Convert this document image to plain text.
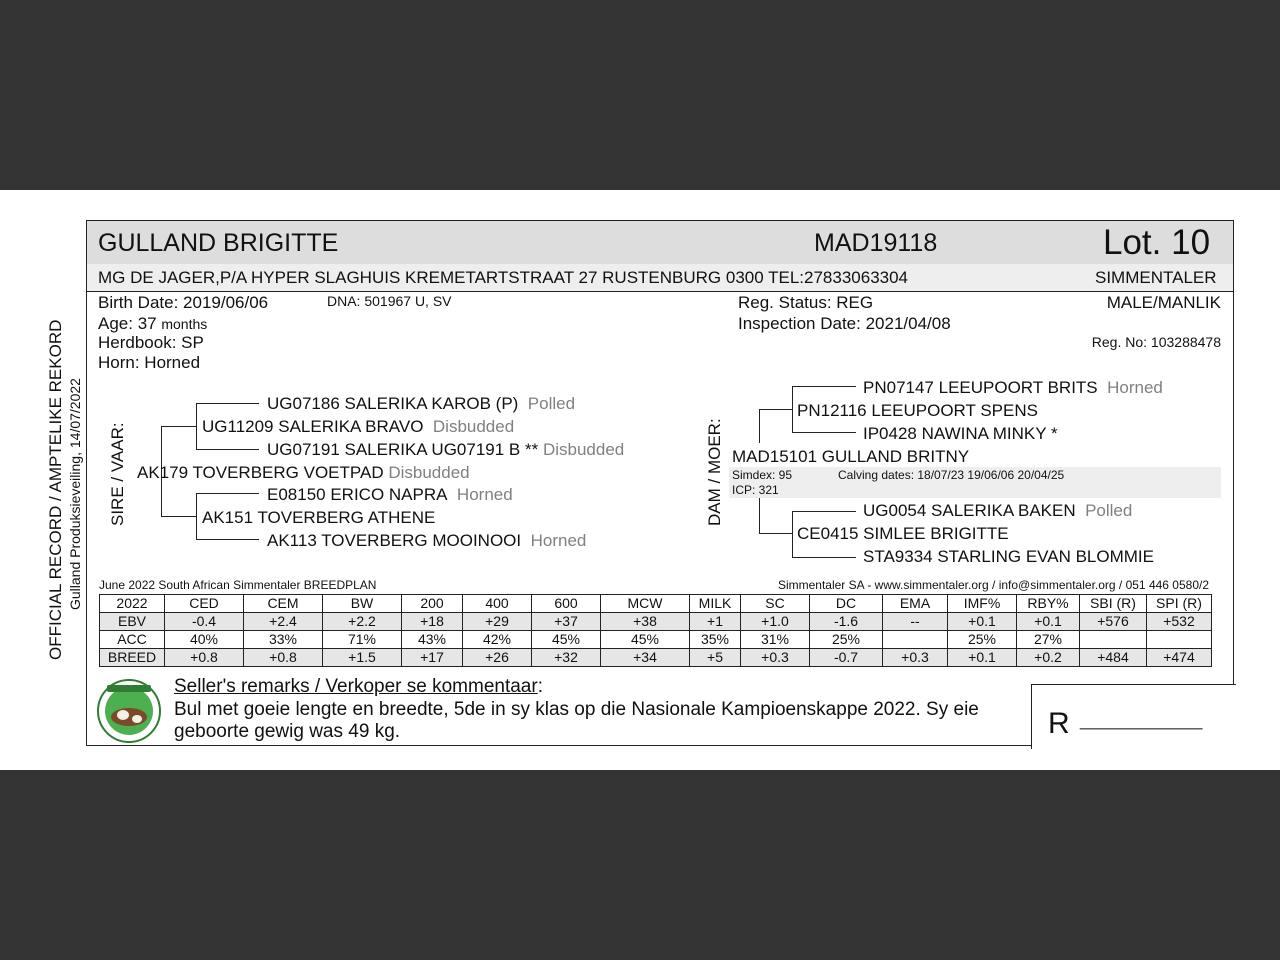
OFFICIAL RECORD / AMPTELIKE REKORD Gulland Produksieveiling, 14/07/2022
GULLAND BRIGITTE	MAD19118	Lot. 10
MG DE JAGER,P/A HYPER SLAGHUIS KREMETARTSTRAAT 27 RUSTENBURG 0300 TEL:27833063304	SIMMENTALER
Birth Date: 2019/06/06	DNA: 501967 U, SV
Age: 37 months
Herdbook: SP
Horn: Horned
Reg. Status: REG
Inspection Date: 2021/04/08
MALE/MANLIK
Reg. No: 103288478
SIRE / VAAR:
UG07186 SALERIKA KAROB (P) Polled
UG11209 SALERIKA BRAVO Disbudded
UG07191 SALERIKA UG07191 B ** Disbudded
AK179 TOVERBERG VOETPAD Disbudded
E08150 ERICO NAPRA Horned
AK151 TOVERBERG ATHENE
AK113 TOVERBERG MOOINOOI Horned
DAM / MOER:
PN07147 LEEUPOORT BRITS Horned
PN12116 LEEUPOORT SPENS
IP0428 NAWINA MINKY *
MAD15101 GULLAND BRITNY
Simdex: 95	Calving dates: 18/07/23 19/06/06 20/04/25
ICP: 321
UG0054 SALERIKA BAKEN Polled
CE0415 SIMLEE BRIGITTE
STA9334 STARLING EVAN BLOMMIE
June 2022 South African Simmentaler BREEDPLAN	Simmentaler SA - www.simmentaler.org / info@simmentaler.org / 051 446 0580/2
2022	CED	CEM	BW	200	400	600	MCW	MILK	SC	DC	EMA	IMF%	RBY%	SBI (R)	SPI (R)
EBV	-0.4	+2.4	+2.2	+18	+29	+37	+38	+1	+1.0	-1.6	--	+0.1	+0.1	+576	+532
ACC	40%	33%	71%	43%	42%	45%	45%	35%	31%	25%		25%	27%		
BREED	+0.8	+0.8	+1.5	+17	+26	+32	+34	+5	+0.3	-0.7	+0.3	+0.1	+0.2	+484	+474
Seller's remarks / Verkoper se kommentaar:
Bul met goeie lengte en breedte, 5de in sy klas op die Nasionale Kampioenskappe 2022. Sy eie
geboorte gewig was 49 kg.	R __________
